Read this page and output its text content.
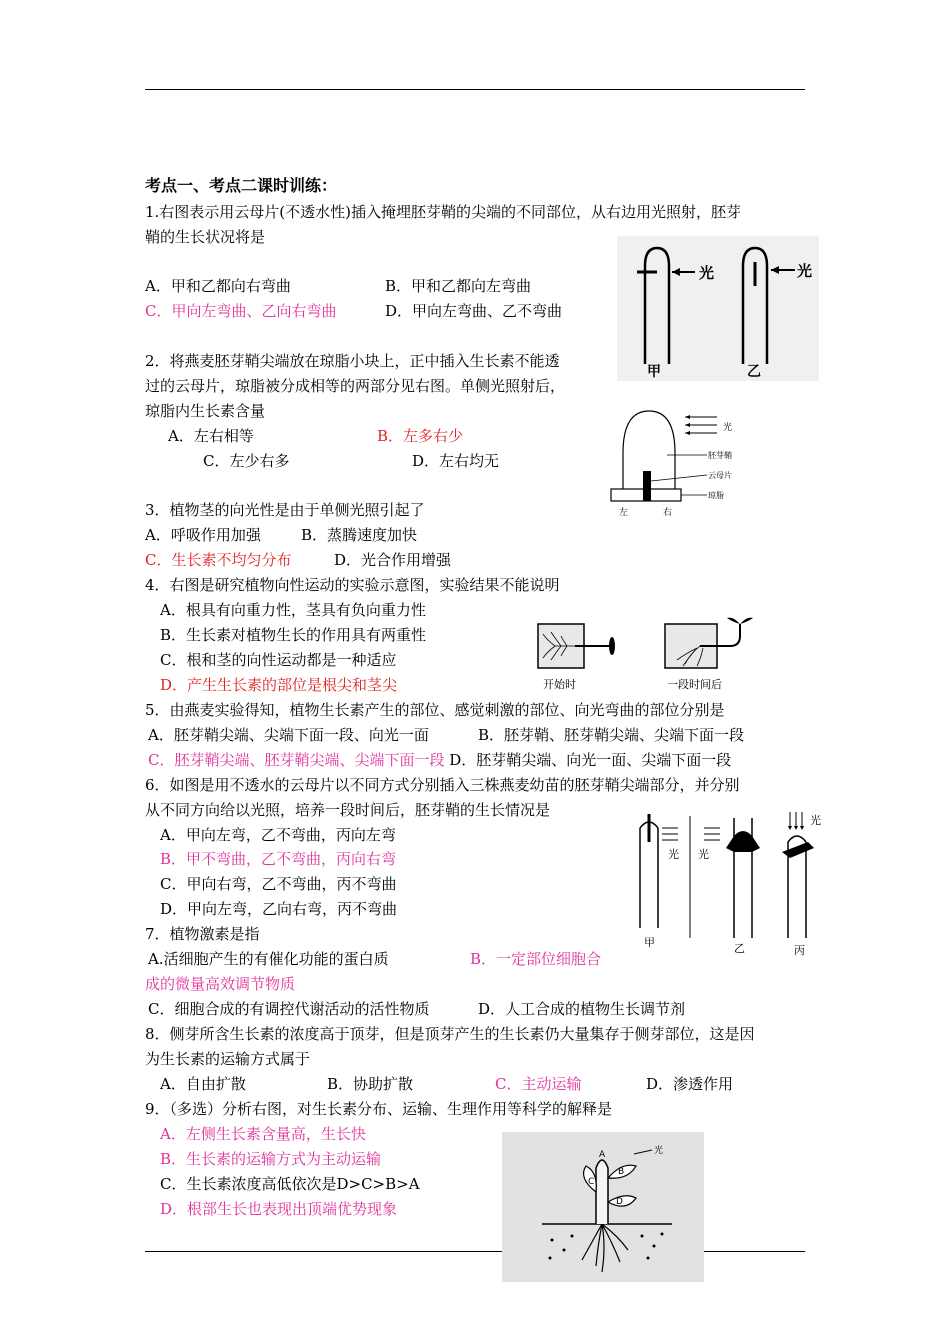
考点一、考点二课时训练：
1.右图表示用云母片(不透水性)插入掩埋胚芽鞘的尖端的不同部位，从右边用光照射，胚芽
鞘的生长状况将是
A．甲和乙都向右弯曲	B．甲和乙都向左弯曲
C．甲向左弯曲、乙向右弯曲	D．甲向左弯曲、乙不弯曲
光	光
甲	乙
2．将燕麦胚芽鞘尖端放在琼脂小块上，正中插入生长素不能透
过的云母片，琼脂被分成相等的两部分见右图。单侧光照射后，
琼脂内生长素含量
A．左右相等	B．左多右少
C．左少右多	D．左右均无
光
胚芽鞘
云母片
琼脂
左	右
3．植物茎的向光性是由于单侧光照引起了
A．呼吸作用加强	B．蒸腾速度加快
C．生长素不均匀分布	D．光合作用增强
4．右图是研究植物向性运动的实验示意图，实验结果不能说明
A．根具有向重力性，茎具有负向重力性
B．生长素对植物生长的作用具有两重性
C．根和茎的向性运动都是一种适应
D．产生生长素的部位是根尖和茎尖	开始时	一段时间后
5．由燕麦实验得知，植物生长素产生的部位、感觉刺激的部位、向光弯曲的部位分别是
A．胚芽鞘尖端、尖端下面一段、向光一面	B．胚芽鞘、胚芽鞘尖端、尖端下面一段
C．胚芽鞘尖端、胚芽鞘尖端、尖端下面一段 D．胚芽鞘尖端、向光一面、尖端下面一段
6．如图是用不透水的云母片以不同方式分别插入三株燕麦幼苗的胚芽鞘尖端部分，并分别
从不同方向给以光照，培养一段时间后，胚芽鞘的生长情况是
A．甲向左弯，乙不弯曲，丙向左弯
B．甲不弯曲，乙不弯曲，丙向右弯
C．甲向右弯，乙不弯曲，丙不弯曲
D．甲向左弯，乙向右弯，丙不弯曲
光
甲
光
乙
光
丙
7．植物激素是指
A.活细胞产生的有催化功能的蛋白质	B．一定部位细胞合
成的微量高效调节物质
C．细胞合成的有调控代谢活动的活性物质	D．人工合成的植物生长调节剂
8．侧芽所含生长素的浓度高于顶芽，但是顶芽产生的生长素仍大量集存于侧芽部位，这是因
为生长素的运输方式属于
A．自由扩散	B．协助扩散	C．主动运输	D．渗透作用
9．（多选）分析右图，对生长素分布、运输、生理作用等科学的解释是
A．左侧生长素含量高，生长快
B．生长素的运输方式为主动运输
C．生长素浓度高低依次是D>C>B>A
D．根部生长也表现出顶端优势现象
光
A
B
C
D
